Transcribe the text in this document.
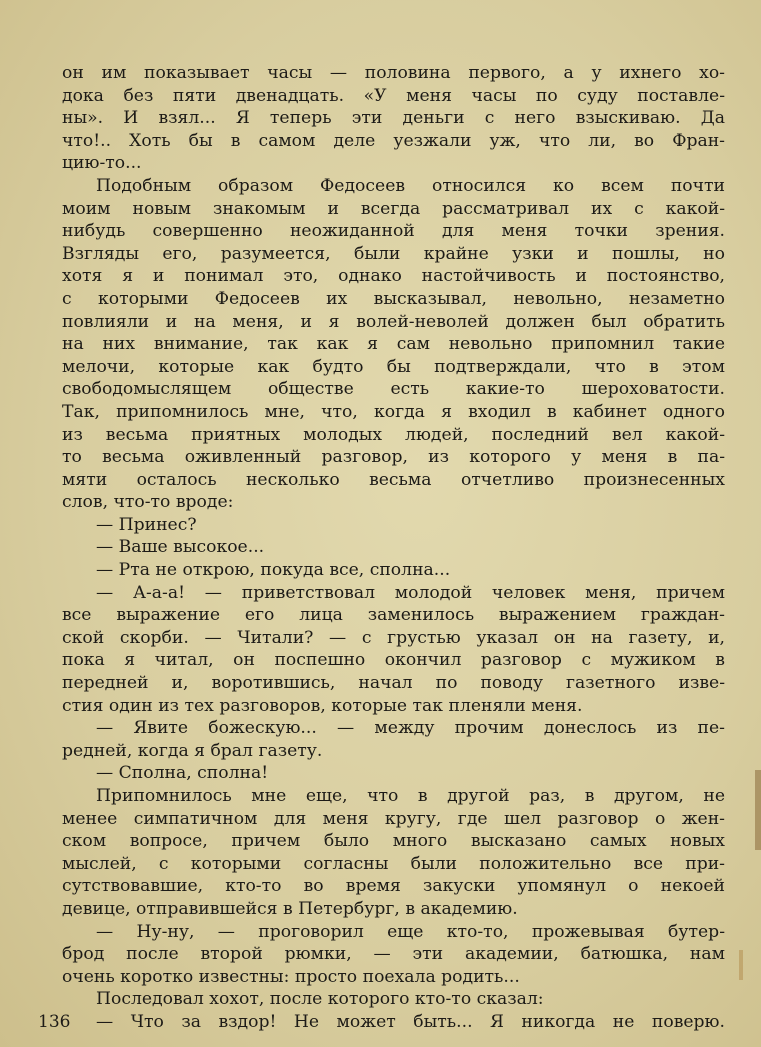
он им показывает часы — половина первого, а у ихнего хо-
дока без пяти двенадцать. «У меня часы по суду поставле-
ны». И взял... Я теперь эти деньги с него взыскиваю. Да
что!.. Хоть бы в самом деле уезжали уж, что ли, во Фран-
цию-то...
Подобным образом Федосеев относился ко всем почти
моим новым знакомым и всегда рассматривал их с какой-
нибудь совершенно неожиданной для меня точки зрения.
Взгляды его, разумеется, были крайне узки и пошлы, но
хотя я и понимал это, однако настойчивость и постоянство,
с которыми Федосеев их высказывал, невольно, незаметно
повлияли и на меня, и я волей-неволей должен был обратить
на них внимание, так как я сам невольно припомнил такие
мелочи, которые как будто бы подтверждали, что в этом
свободомыслящем обществе есть какие-то шероховатости.
Так, припомнилось мне, что, когда я входил в кабинет одного
из весьма приятных молодых людей, последний вел какой-
то весьма оживленный разговор, из которого у меня в па-
мяти осталось несколько весьма отчетливо произнесенных
слов, что-то вроде:
— Принес?
— Ваше высокое...
— Рта не открою, покуда все, сполна...
— А-а-а! — приветствовал молодой человек меня, причем
все выражение его лица заменилось выражением граждан-
ской скорби. — Читали? — с грустью указал он на газету, и,
пока я читал, он поспешно окончил разговор с мужиком в
передней и, воротившись, начал по поводу газетного изве-
стия один из тех разговоров, которые так пленяли меня.
— Явите божескую... — между прочим донеслось из пе-
редней, когда я брал газету.
— Сполна, сполна!
Припомнилось мне еще, что в другой раз, в другом, не
менее симпатичном для меня кругу, где шел разговор о жен-
ском вопросе, причем было много высказано самых новых
мыслей, с которыми согласны были положительно все при-
сутствовавшие, кто-то во время закуски упомянул о некоей
девице, отправившейся в Петербург, в академию.
— Ну-ну, — проговорил еще кто-то, прожевывая бутер-
брод после второй рюмки, — эти академии, батюшка, нам
очень коротко известны: просто поехала родить...
Последовал хохот, после которого кто-то сказал:
— Что за вздор! Не может быть... Я никогда не поверю.
136
